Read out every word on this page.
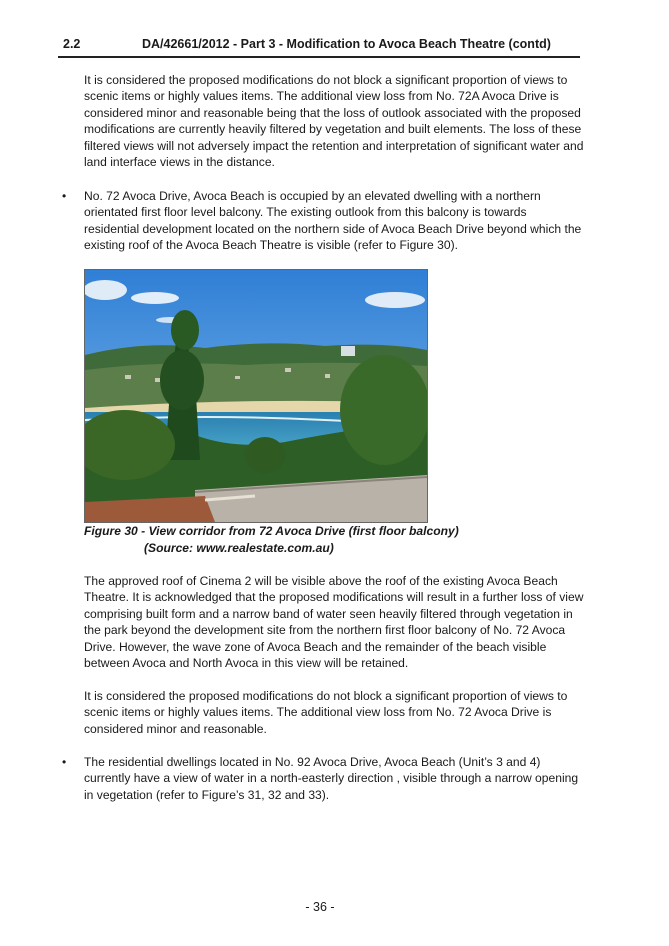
2.2	DA/42661/2012 - Part 3 - Modification to Avoca Beach Theatre (contd)

It is considered the proposed modifications do not block a significant proportion of views to scenic items or highly values items. The additional view loss from No. 72A Avoca Drive is considered minor and reasonable being that the loss of outlook associated with the proposed modifications are currently heavily filtered by vegetation and built elements. The loss of these filtered views will not adversely impact the retention and interpretation of significant water and land interface views in the distance.

• No. 72 Avoca Drive, Avoca Beach is occupied by an elevated dwelling with a northern orientated first floor level balcony. The existing outlook from this balcony is towards residential development located on the northern side of Avoca Beach Drive beyond which the existing roof of the Avoca Beach Theatre is visible (refer to Figure 30).

Figure 30 - View corridor from 72 Avoca Drive (first floor balcony)
(Source: www.realestate.com.au)

The approved roof of Cinema 2 will be visible above the roof of the existing Avoca Beach Theatre. It is acknowledged that the proposed modifications will result in a further loss of view comprising built form and a narrow band of water seen heavily filtered through vegetation in the park beyond the development site from the northern first floor balcony of No. 72 Avoca Drive. However, the wave zone of Avoca Beach and the remainder of the beach visible between Avoca and North Avoca in this view will be retained.

It is considered the proposed modifications do not block a significant proportion of views to scenic items or highly values items. The additional view loss from No. 72 Avoca Drive is considered minor and reasonable.

• The residential dwellings located in No. 92 Avoca Drive, Avoca Beach (Unit’s 3 and 4) currently have a view of water in a north-easterly direction , visible through a narrow opening in vegetation (refer to Figure’s 31, 32 and 33).

- 36 -
